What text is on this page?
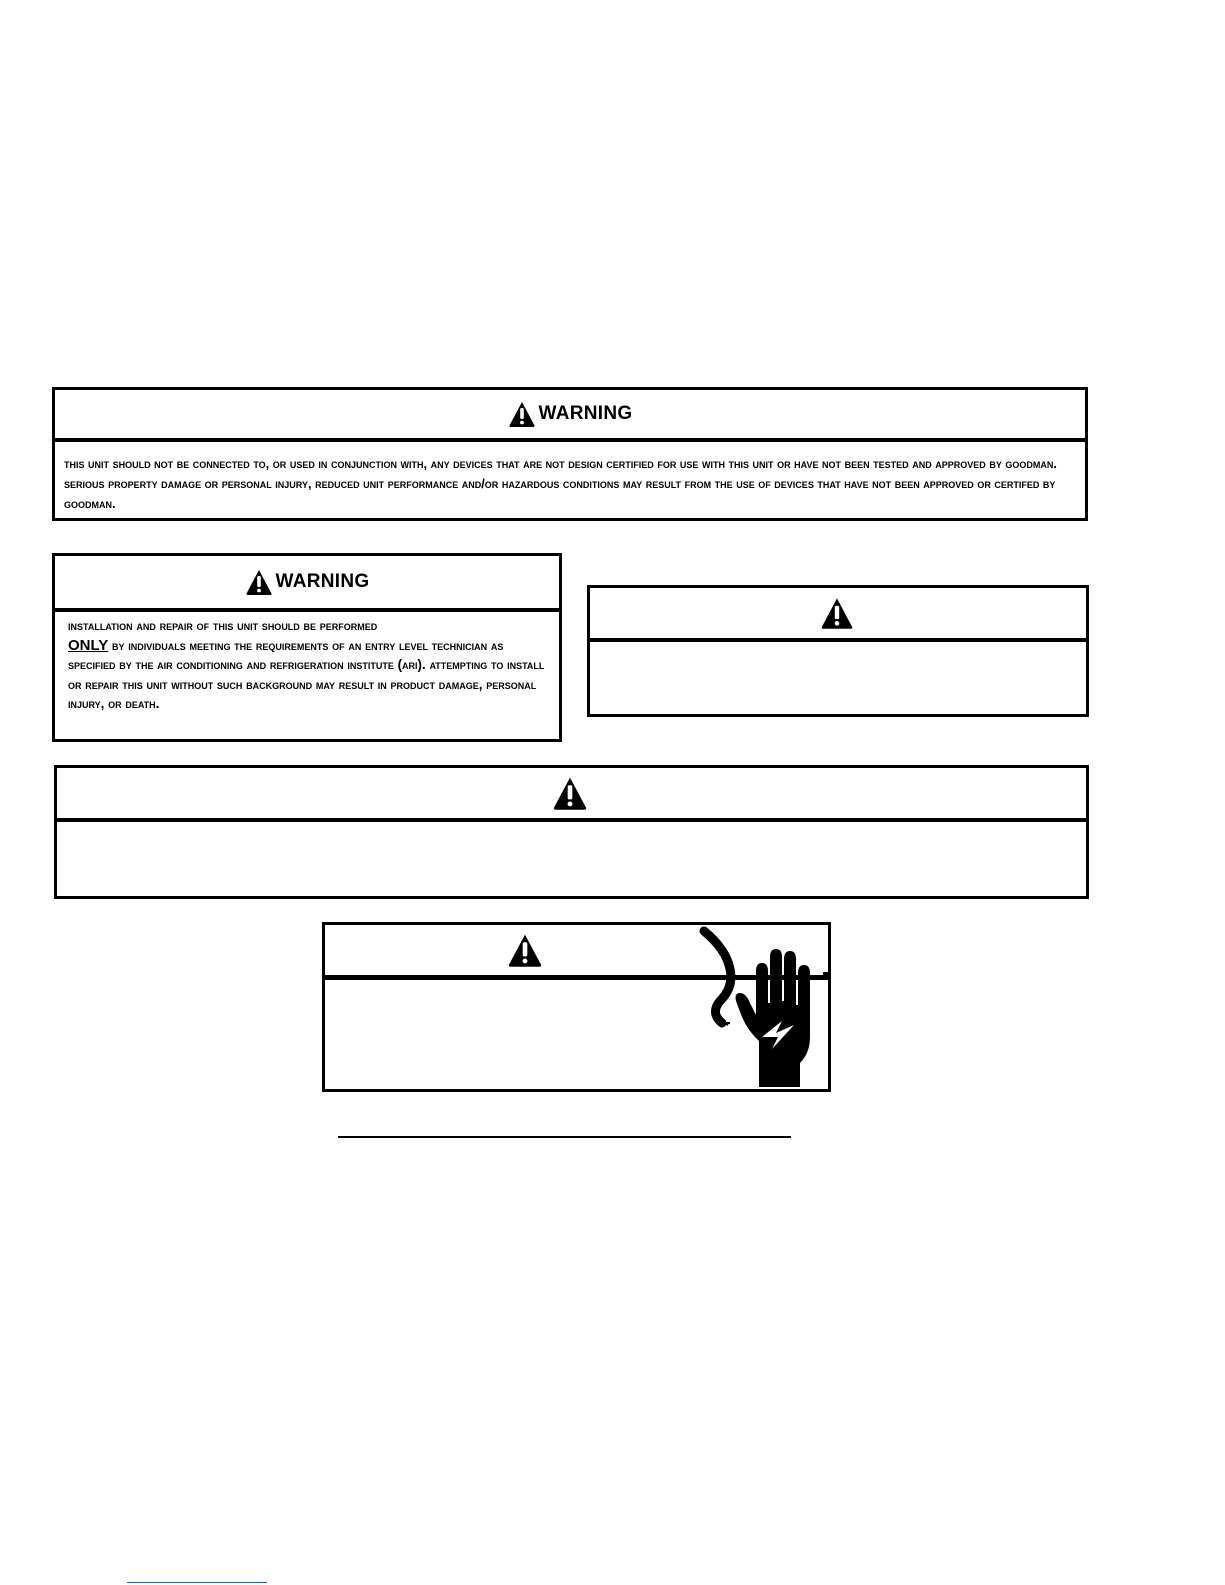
WARNING
this unit should not be connected to, or used in conjunction with, any devices that are not design certified for use with this unit or have not been tested and approved by goodman. serious property damage or personal injury, reduced unit performance and/or hazardous conditions may result from the use of devices that have not been approved or certifed by goodman.
WARNING
installation and repair of this unit should be performed
ONLY by individuals meeting the requirements of an entry level technician as specified by the air conditioning and refrigeration institute (ari). attempting to install or repair this unit without such background may result in product damage, personal injury, or death.
